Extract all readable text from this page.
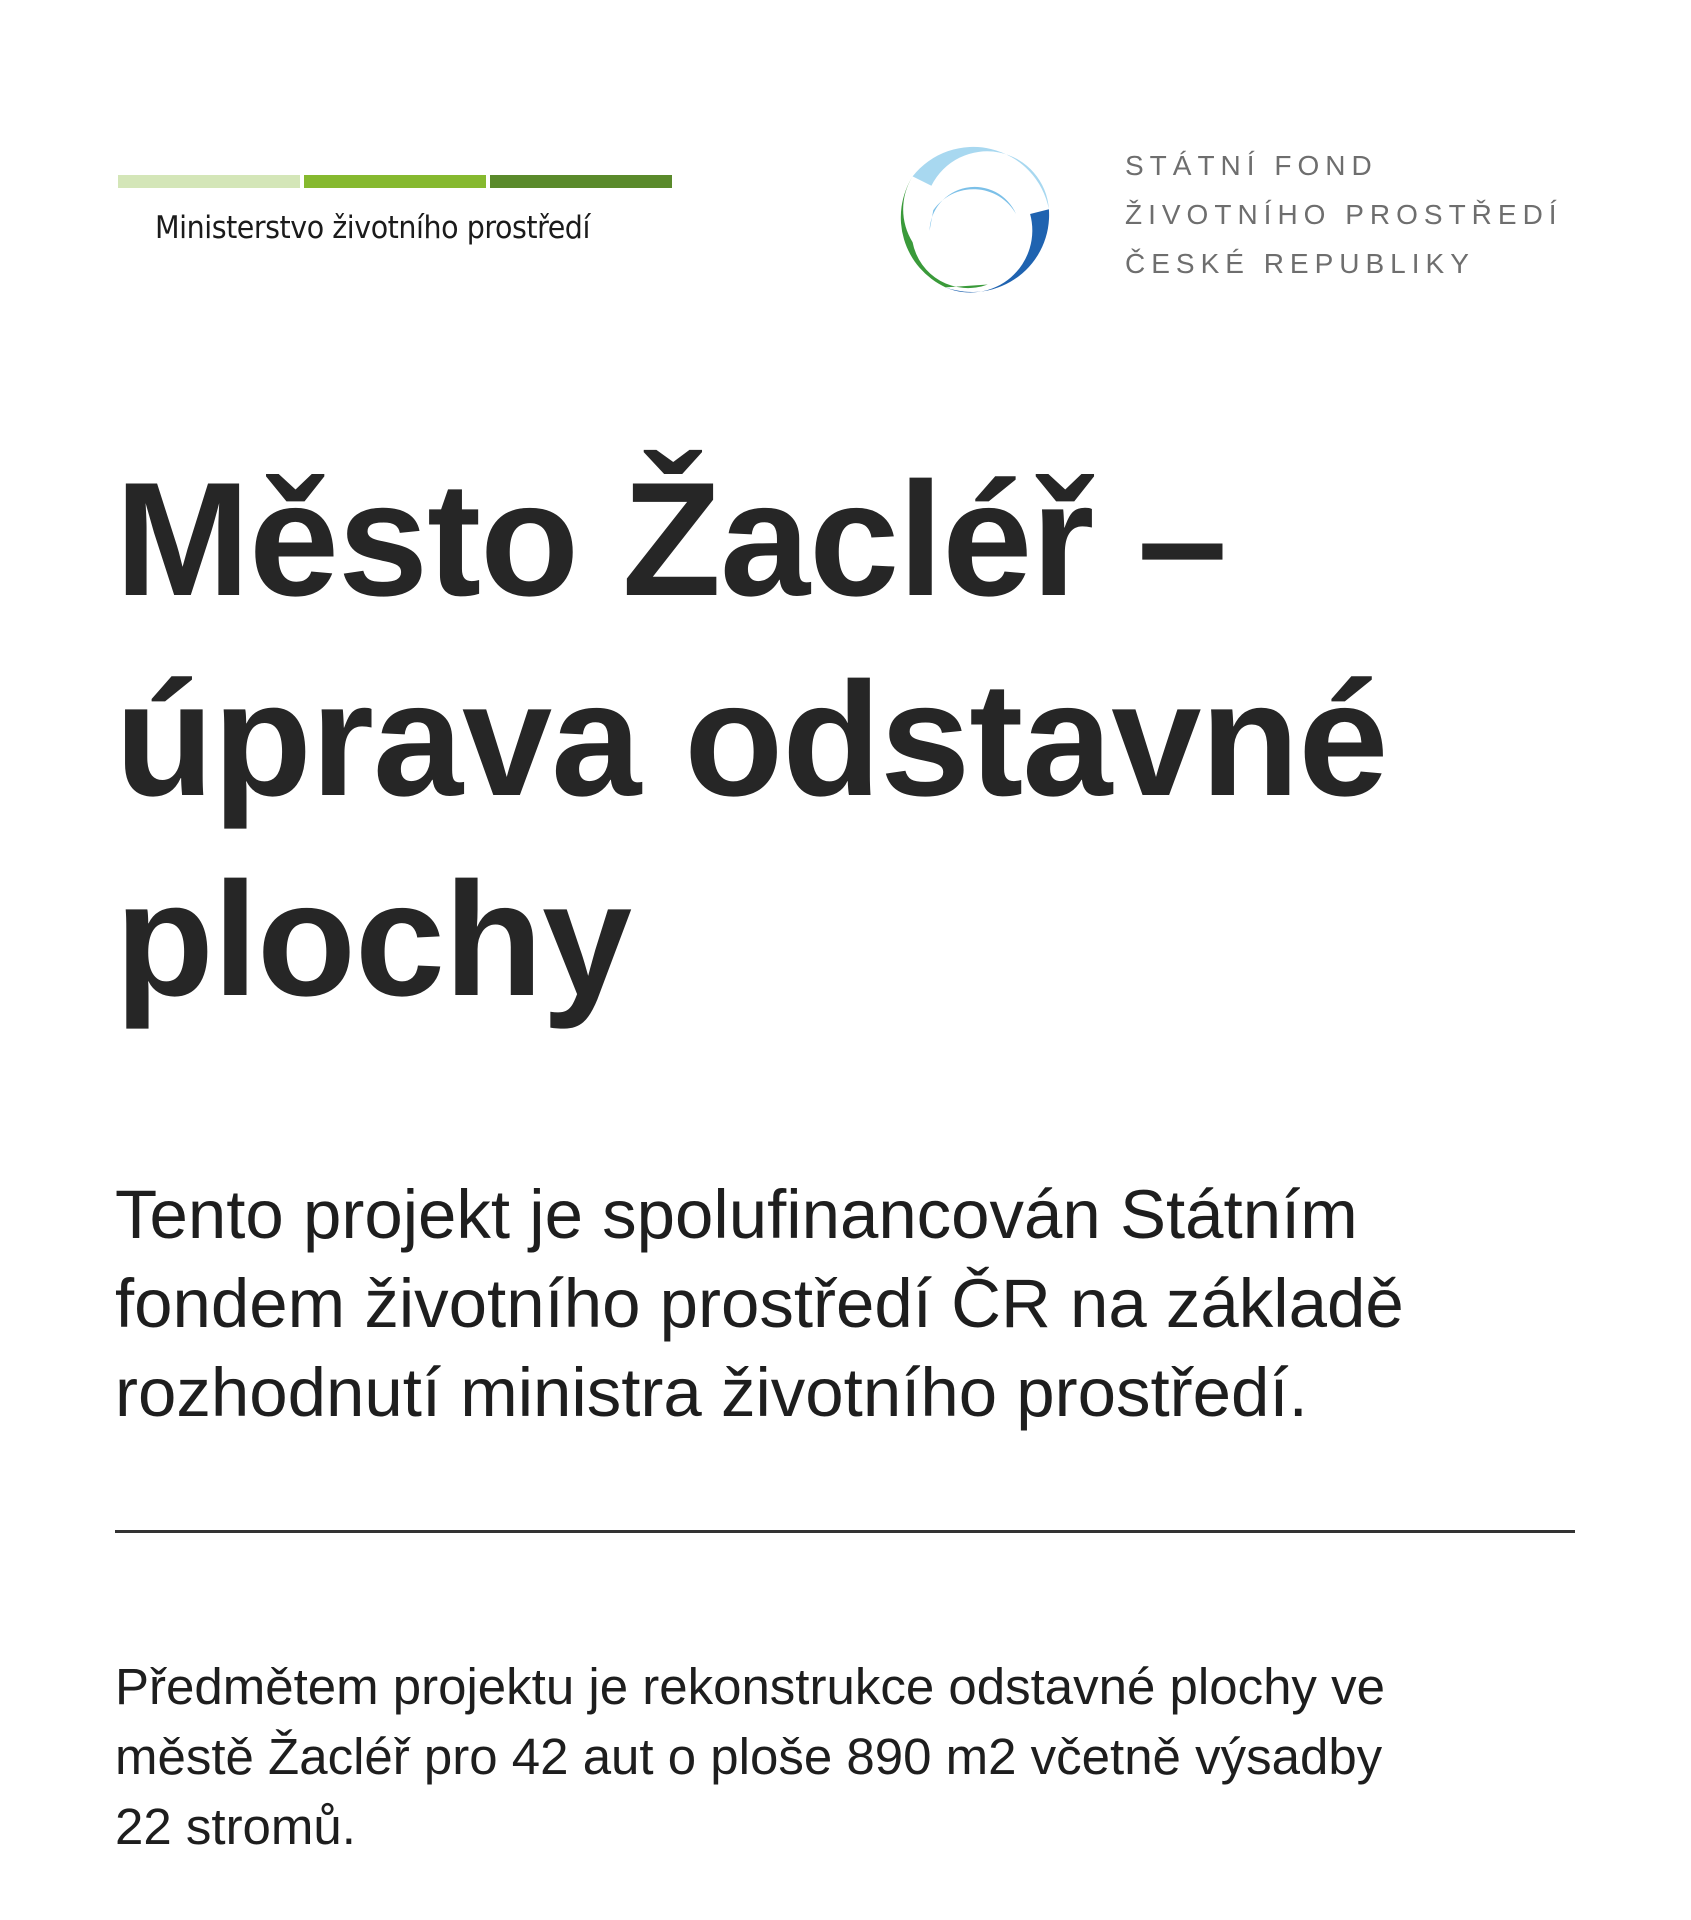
Ministerstvo životního prostředí
STÁTNÍ FOND
ŽIVOTNÍHO PROSTŘEDÍ
ČESKÉ REPUBLIKY
Město Žacléř –
úprava odstavné
plochy
Tento projekt je spolufinancován Státním
fondem životního prostředí ČR na základě
rozhodnutí ministra životního prostředí.
Předmětem projektu je rekonstrukce odstavné plochy ve
městě Žacléř pro 42 aut o ploše 890 m2 včetně výsadby
22 stromů.
